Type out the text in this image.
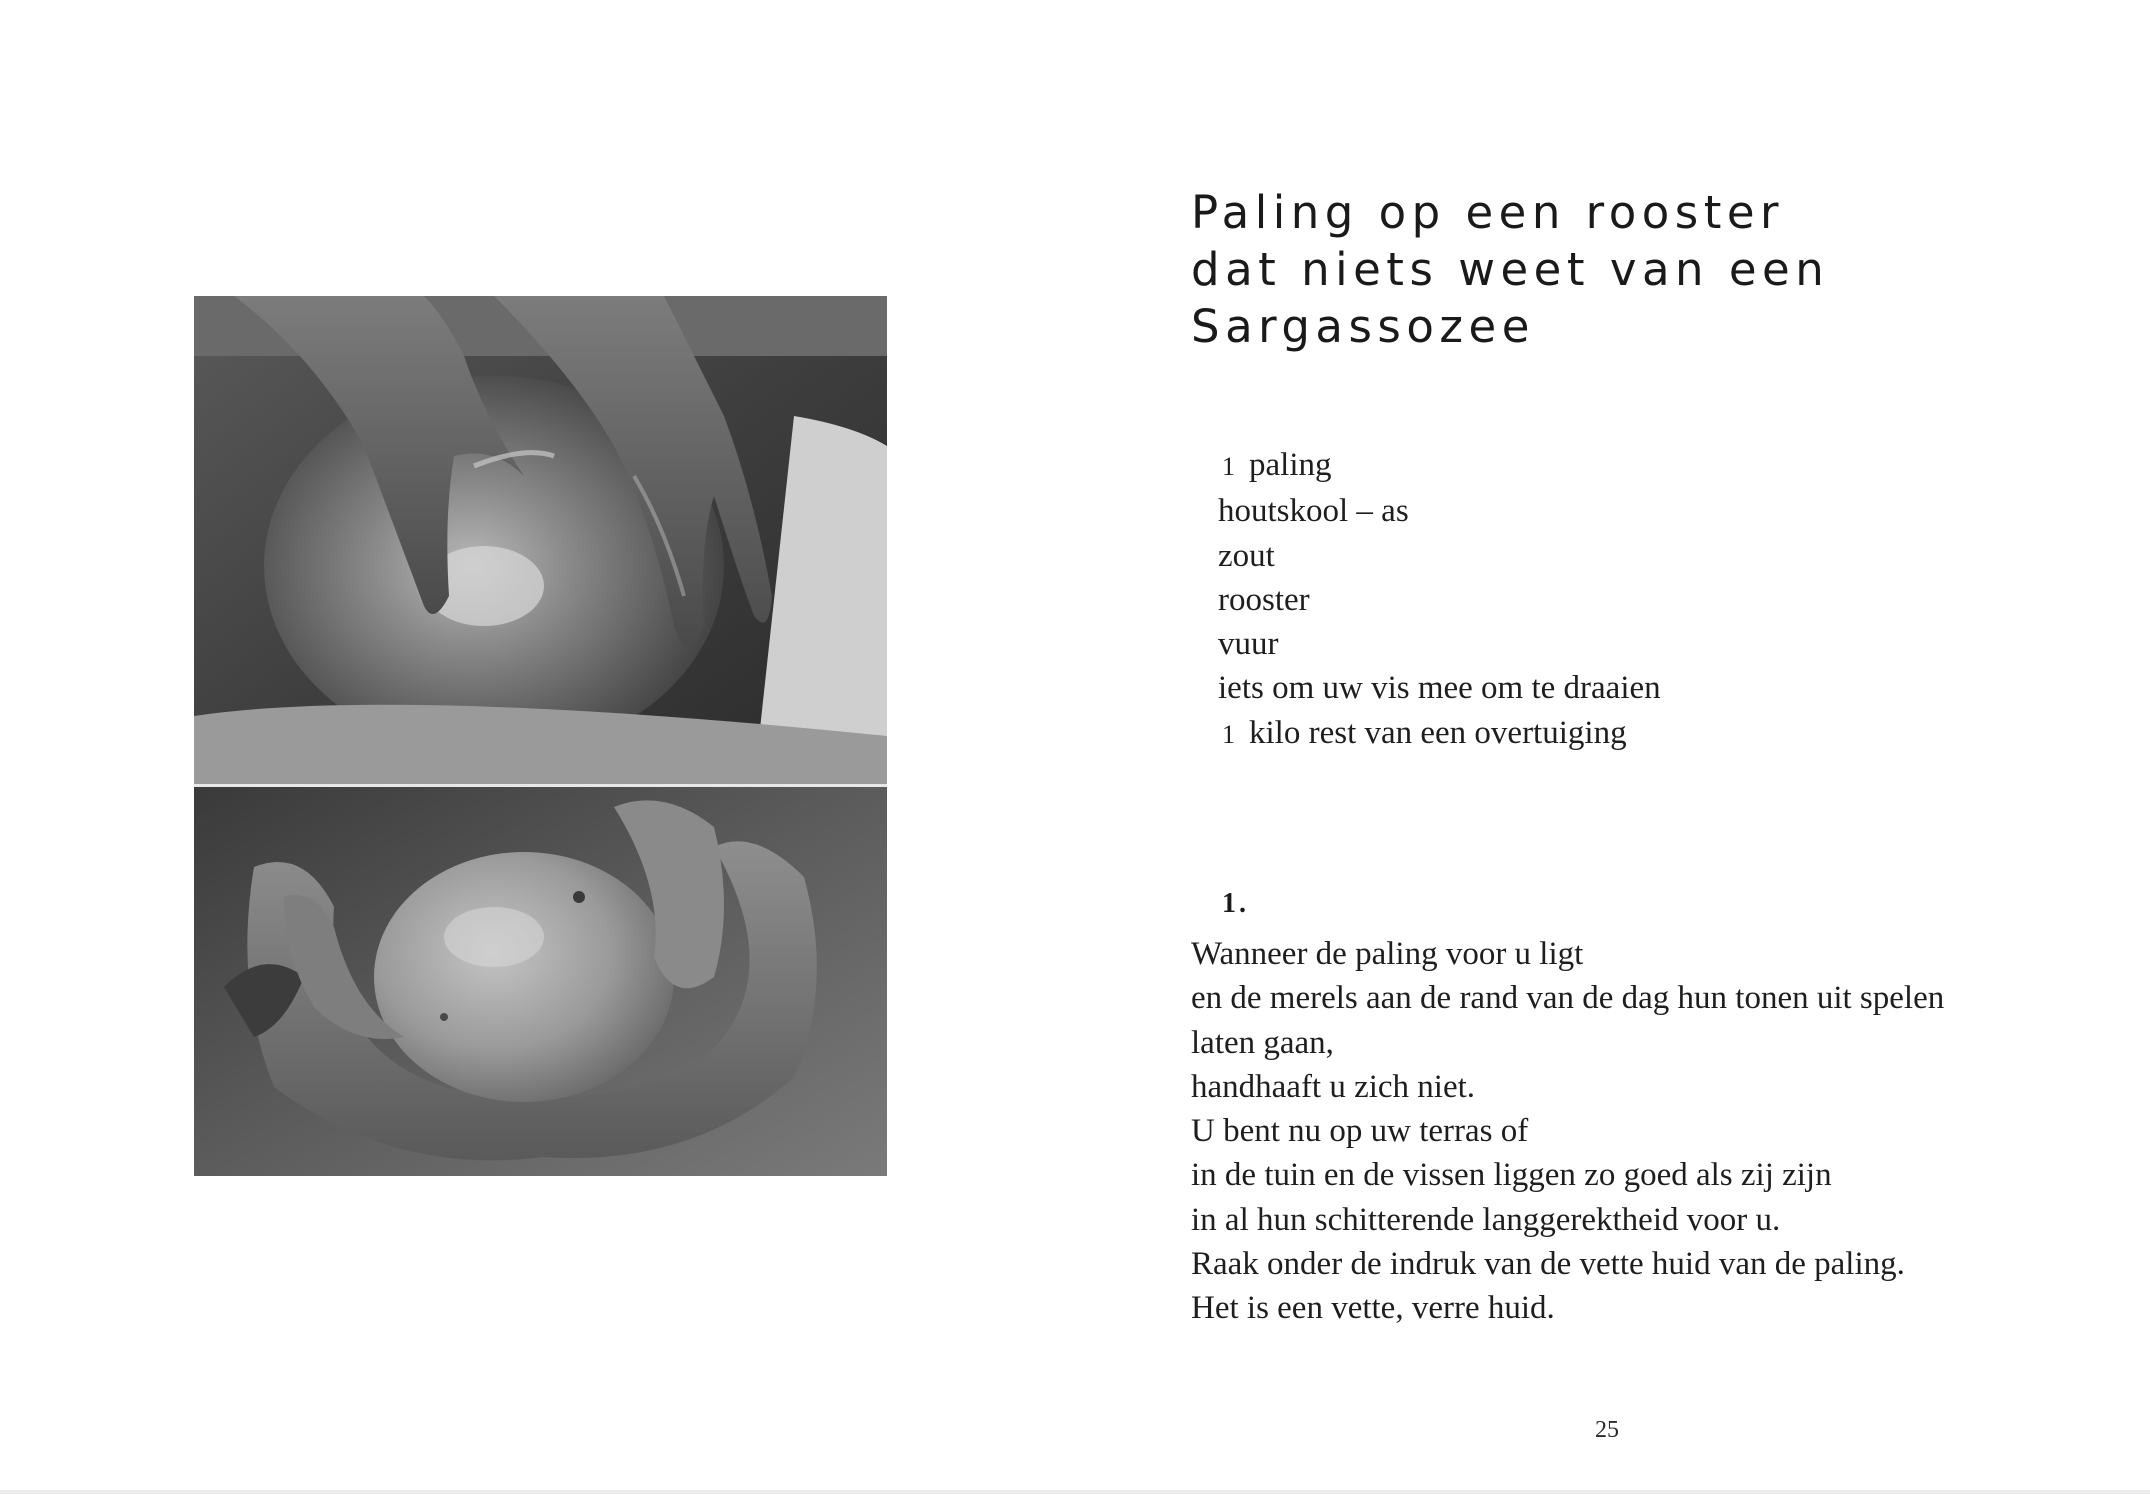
Paling op een rooster
dat niets weet van een
Sargassozee
1 paling
houtskool – as
zout
rooster
vuur
iets om uw vis mee om te draaien
1 kilo rest van een overtuiging
1.

Wanneer de paling voor u ligt
en de merels aan de rand van de dag hun tonen uit spelen
laten gaan,
handhaaft u zich niet.
U bent nu op uw terras of
in de tuin en de vissen liggen zo goed als zij zijn
in al hun schitterende langgerektheid voor u.
Raak onder de indruk van de vette huid van de paling.
Het is een vette, verre huid.

25
